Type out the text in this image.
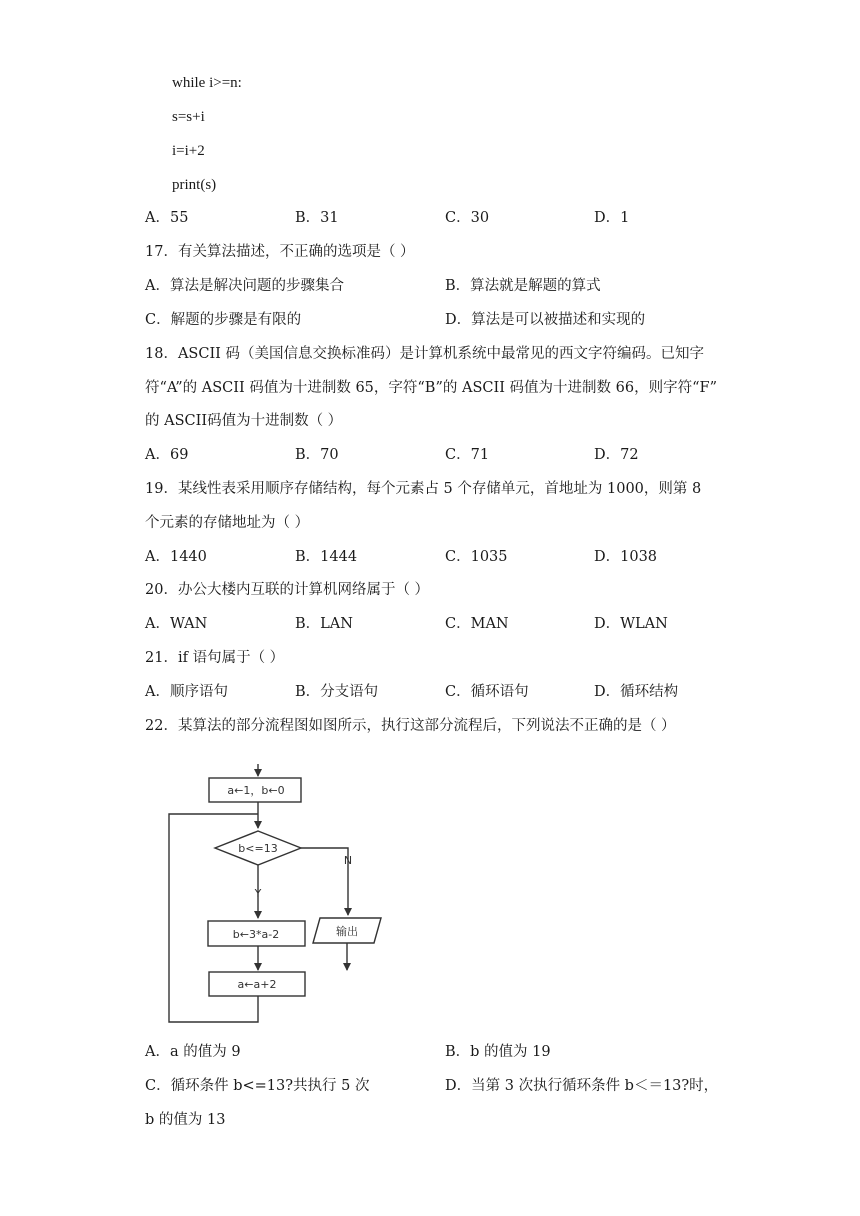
while i>=n:
s=s+i
i=i+2
print(s)
A．55	B．31	C．30	D．1
17．有关算法描述，不正确的选项是（ ）
A．算法是解决问题的步骤集合	B．算法就是解题的算式
C．解题的步骤是有限的	D．算法是可以被描述和实现的
18．ASCII 码（美国信息交换标准码）是计算机系统中最常见的西文字符编码。已知字
符“A”的 ASCII 码值为十进制数 65，字符“B”的 ASCII 码值为十进制数 66，则字符“F”
的 ASCII码值为十进制数（ ）
A．69	B．70	C．71	D．72
19．某线性表采用顺序存储结构，每个元素占 5 个存储单元，首地址为 1000，则第 8
个元素的存储地址为（ ）
A．1440	B．1444	C．1035	D．1038
20．办公大楼内互联的计算机网络属于（ ）
A．WAN	B．LAN	C．MAN	D．WLAN
21．if 语句属于（ ）
A．顺序语句	B．分支语句	C．循环语句	D．循环结构
22．某算法的部分流程图如图所示，执行这部分流程后，下列说法不正确的是（ ）
a←1，b←0
b<=13
Y
N
b←3*a-2
a←a+2
输出
A．a 的值为 9	B．b 的值为 19
C．循环条件 b<=13?共执行 5 次	D．当第 3 次执行循环条件 b＜＝13?时，
b 的值为 13
